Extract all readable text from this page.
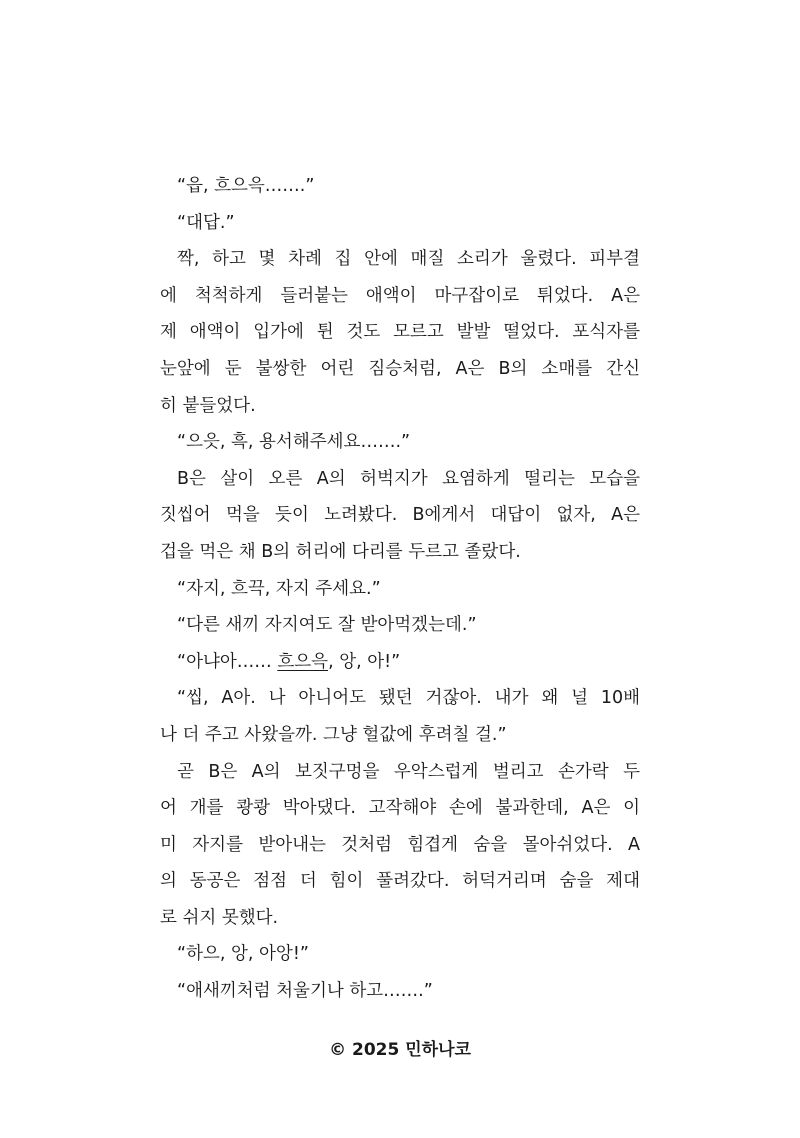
“읍, 흐으윽…….”
“대답.”
짝, 하고 몇 차례 집 안에 매질 소리가 울렸다. 피부결
에 척척하게 들러붙는 애액이 마구잡이로 튀었다. A은
제 애액이 입가에 튄 것도 모르고 발발 떨었다. 포식자를
눈앞에 둔 불쌍한 어린 짐승처럼, A은 B의 소매를 간신
히 붙들었다.
“으읏, 흑, 용서해주세요…….”
B은 살이 오른 A의 허벅지가 요염하게 떨리는 모습을
짓씹어 먹을 듯이 노려봤다. B에게서 대답이 없자, A은
겁을 먹은 채 B의 허리에 다리를 두르고 졸랐다.
“자지, 흐끅, 자지 주세요.”
“다른 새끼 자지여도 잘 받아먹겠는데.”
“아냐아…… 흐으윽, 앙, 아!”
“씹, A아. 나 아니어도 됐던 거잖아. 내가 왜 널 10배
나 더 주고 사왔을까. 그냥 헐값에 후려칠 걸.”
곧 B은 A의 보짓구멍을 우악스럽게 벌리고 손가락 두
어 개를 쾅쾅 박아댔다. 고작해야 손에 불과한데, A은 이
미 자지를 받아내는 것처럼 힘겹게 숨을 몰아쉬었다. A
의 동공은 점점 더 힘이 풀려갔다. 허덕거리며 숨을 제대
로 쉬지 못했다.
“하으, 앙, 아앙!”
“애새끼처럼 처울기나 하고…….”
© 2025 민하나코
